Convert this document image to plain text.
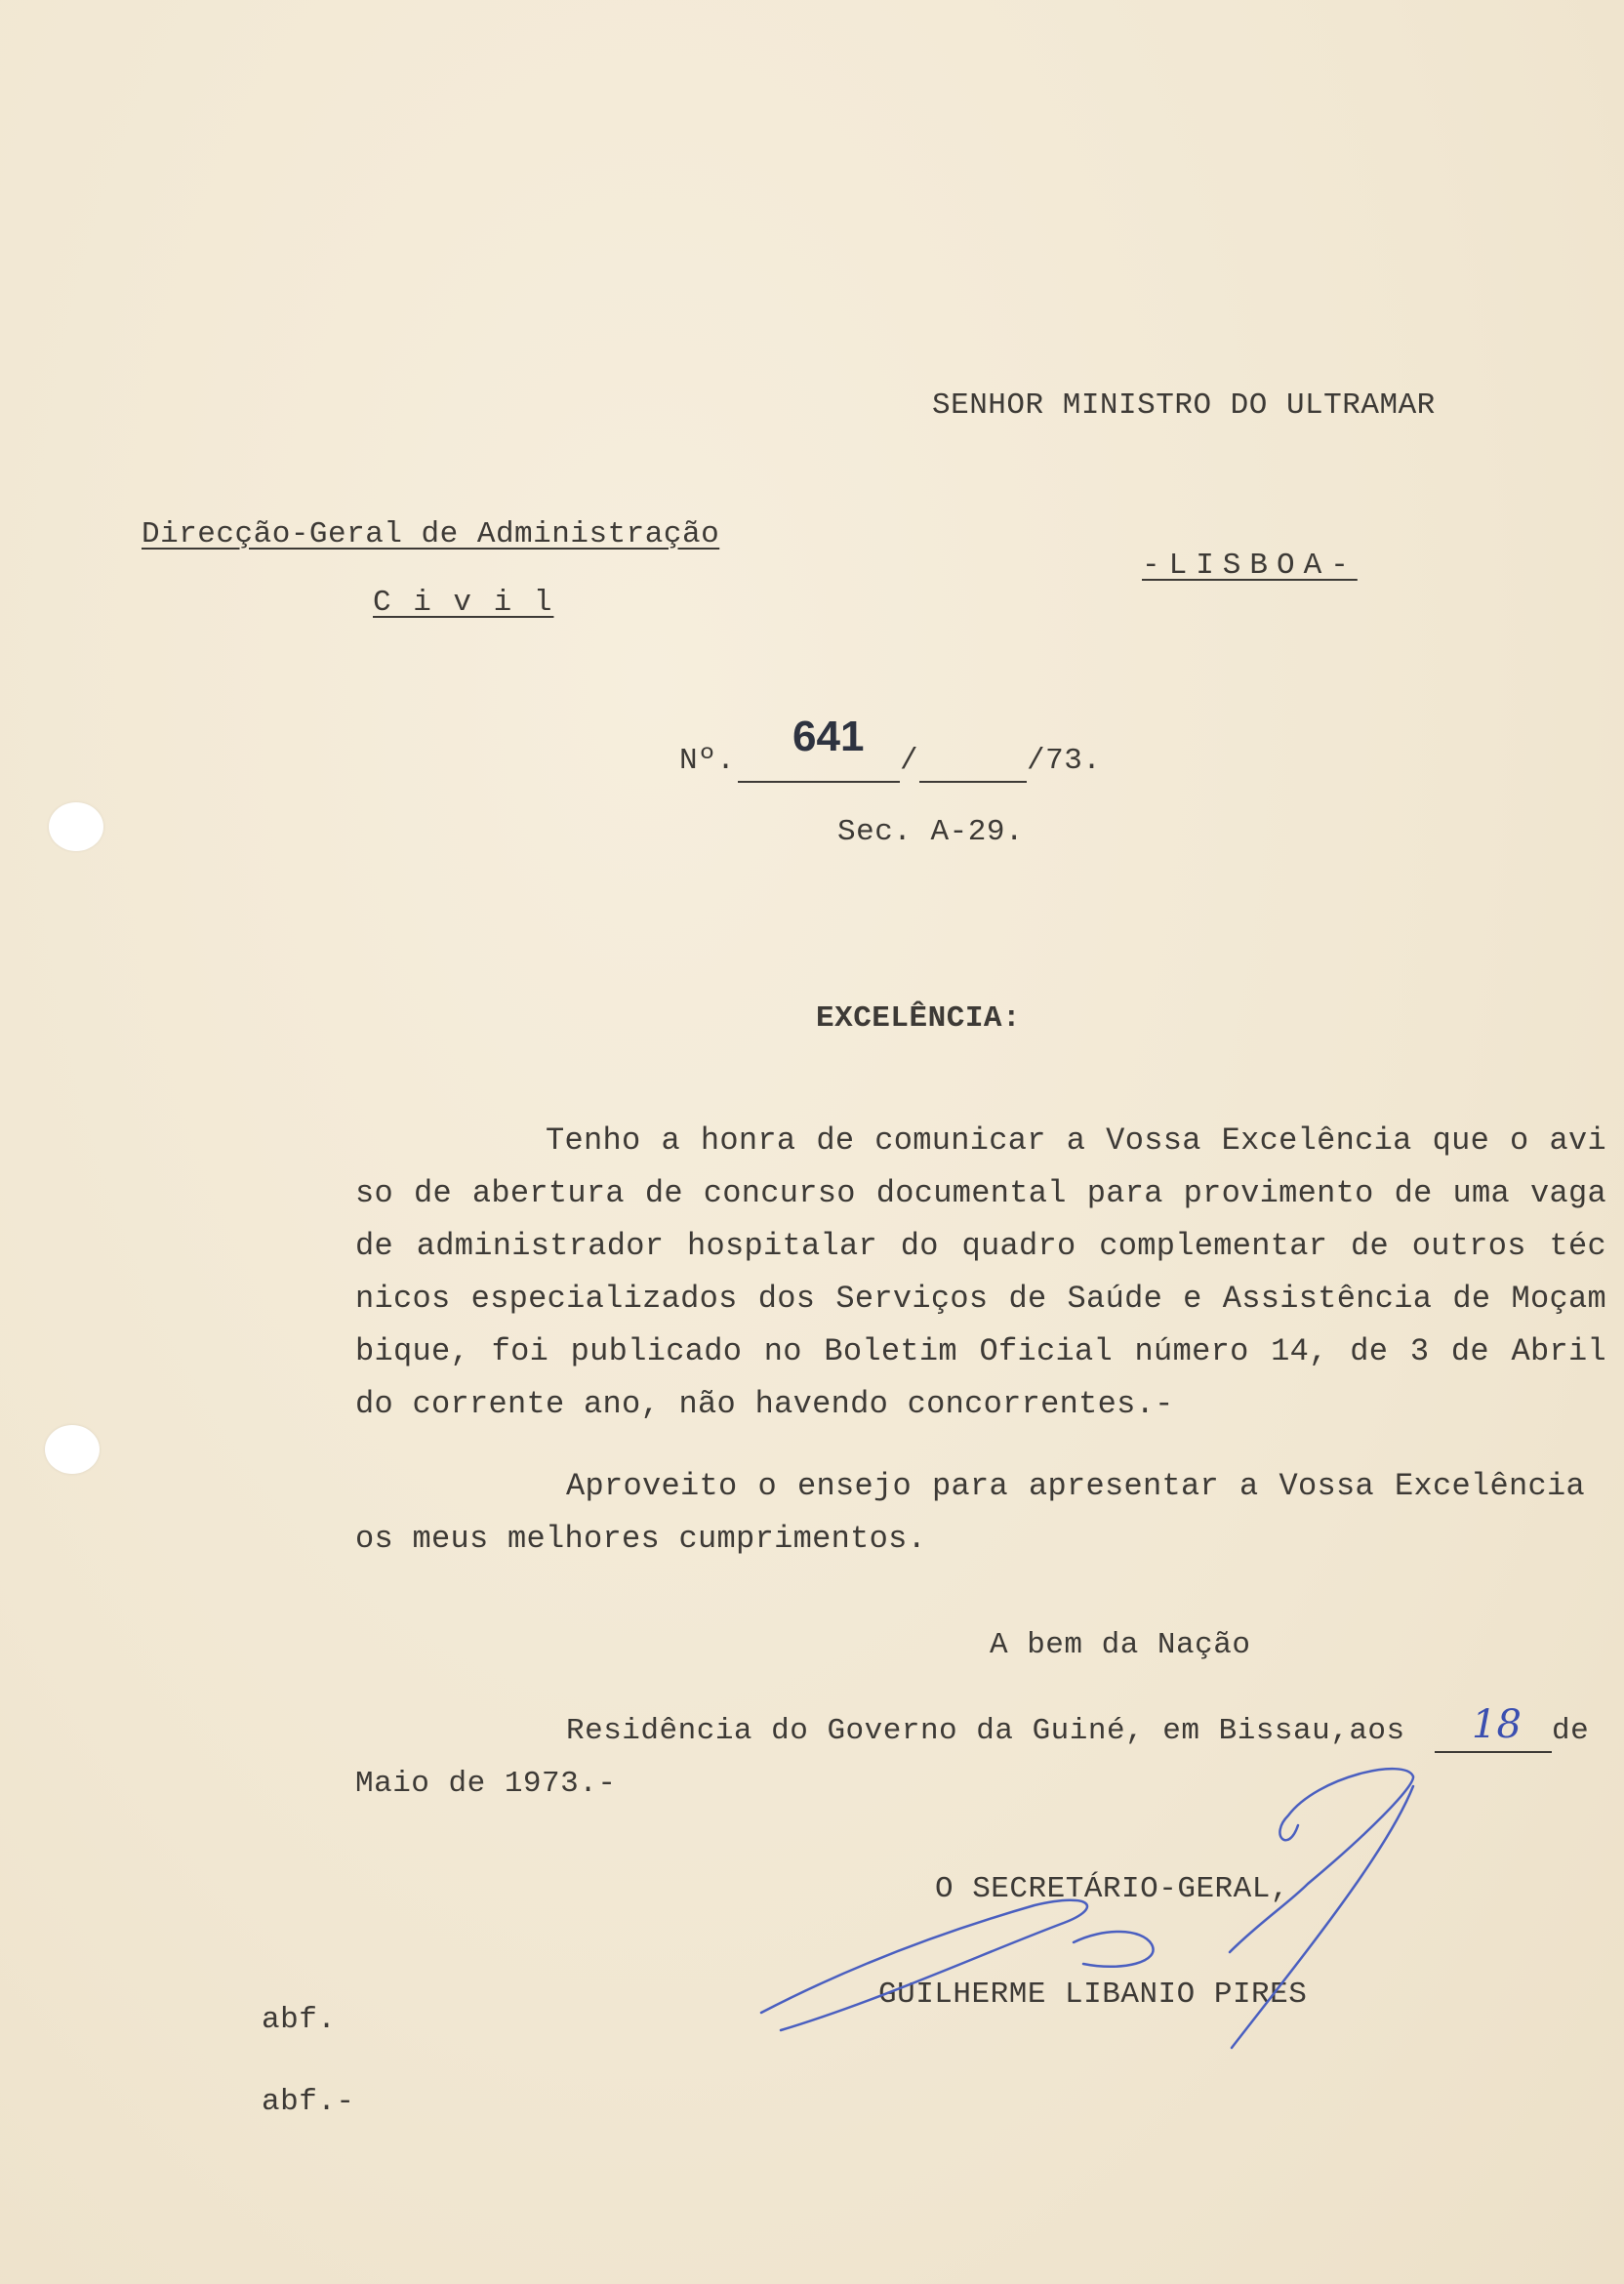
SENHOR MINISTRO DO ULTRAMAR
Direcção-Geral de Administração
C i v i l
-LISBOA-
Nº.
641
/	/73.
Sec. A-29.
EXCELÊNCIA:
Tenho a honra de comunicar a Vossa Excelência que o avi
so de abertura de concurso documental para provimento de uma vaga
de administrador hospitalar do quadro complementar de outros téc
nicos especializados dos Serviços de Saúde e Assistência de Moçam
bique, foi publicado no Boletim Oficial número 14, de 3 de Abril
do corrente ano, não havendo concorrentes.-
Aproveito o ensejo para apresentar a Vossa Excelência
os meus melhores cumprimentos.
A bem da Nação
Residência do Governo da Guiné, em Bissau,aos 18 de
Maio de 1973.-
O SECRETÁRIO-GERAL,
GUILHERME LIBANIO PIRES
abf.
abf.-
